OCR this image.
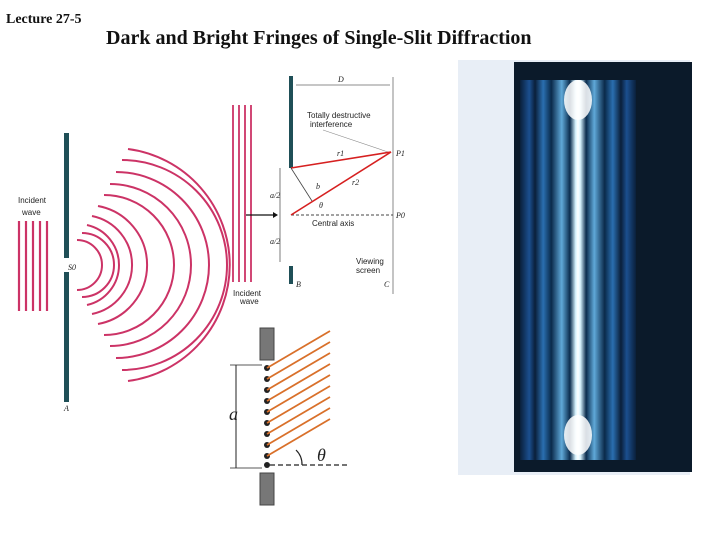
Lecture 27-5
Dark and Bright Fringes of Single-Slit Diffraction
Incident
wave
S0
A
D
Totally destructive
interference
r1
r2
P1
P0
b
θ
a/2
a/2
Central axis
Viewing
screen
B	C
Incident
wave
a
θ
